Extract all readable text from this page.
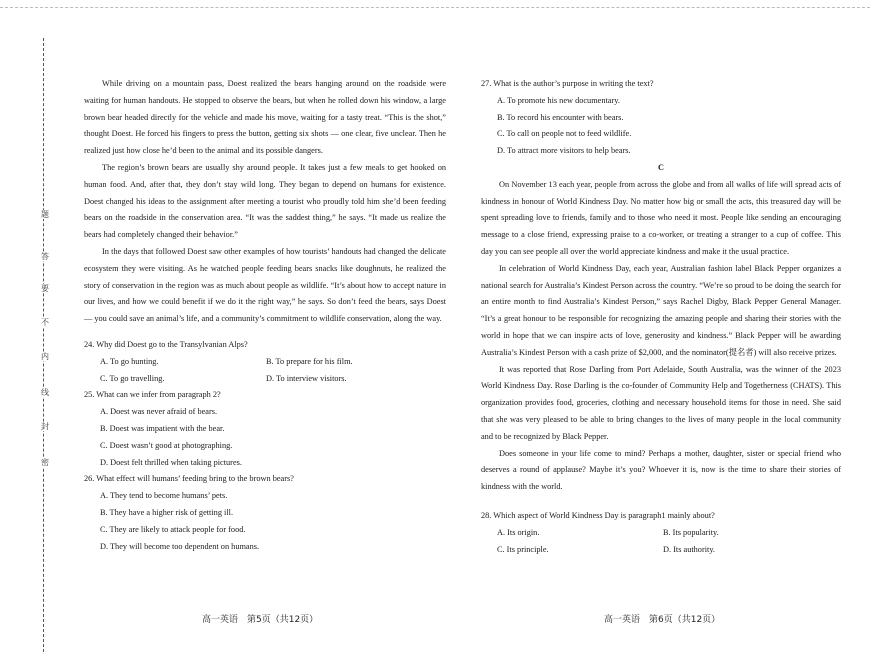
题
答
要
不
内
线
封
密

While driving on a mountain pass, Doest realized the bears hanging around on the roadside were waiting for human handouts. He stopped to observe the bears, but when he rolled down his window, a large brown bear headed directly for the vehicle and made his move, waiting for a tasty treat. “This is the shot,” thought Doest. He forced his fingers to press the button, getting six shots — one clear, five unclear. Then he realized just how close he’d been to the animal and its possible dangers.

The region’s brown bears are usually shy around people. It takes just a few meals to get hooked on human food. And, after that, they don’t stay wild long. They began to depend on humans for existence. Doest changed his ideas to the assignment after meeting a tourist who proudly told him she’d been feeding bears on the roadside in the conservation area. “It was the saddest thing,” he says. “It made us realize the bears had completely changed their behavior.”

In the days that followed Doest saw other examples of how tourists’ handouts had changed the delicate ecosystem they were visiting. As he watched people feeding bears snacks like doughnuts, he realized the story of conservation in the region was as much about people as wildlife. “It’s about how to accept nature in our lives, and how we could benefit if we do it the right way,” he says. So don’t feed the bears, says Doest — you could save an animal’s life, and a community’s commitment to wildlife conservation, along the way.

24. Why did Doest go to the Transylvanian Alps?

A. To go hunting.	B. To prepare for his film.
C. To go travelling.	D. To interview visitors.

25. What can we infer from paragraph 2?

A. Doest was never afraid of bears.

B. Doest was impatient with the bear.

C. Doest wasn’t good at photographing.

D. Doest felt thrilled when taking pictures.

26. What effect will humans’ feeding bring to the brown bears?

A. They tend to become humans’ pets.

B. They have a higher risk of getting ill.

C. They are likely to attack people for food.

D. They will become too dependent on humans.

27. What is the author’s purpose in writing the text?

A. To promote his new documentary.

B. To record his encounter with bears.

C. To call on people not to feed wildlife.

D. To attract more visitors to help bears.

C

On November 13 each year, people from across the globe and from all walks of life will spread acts of kindness in honour of World Kindness Day. No matter how big or small the acts, this treasured day will be spent spreading love to friends, family and to those who need it most. People like sending an encouraging message to a close friend, expressing praise to a co-worker, or treating a stranger to a cup of coffee. This day you can see people all over the world appreciate kindness and make it the usual practice.

In celebration of World Kindness Day, each year, Australian fashion label Black Pepper organizes a national search for Australia’s Kindest Person across the country. “We’re so proud to be doing the search for an entire month to find Australia’s Kindest Person,” says Rachel Digby, Black Pepper General Manager. “It’s a great honour to be responsible for recognizing the amazing people and sharing their stories with the world in hope that we can inspire acts of love, generosity and kindness.” Black Pepper will be awarding Australia’s Kindest Person with a cash prize of $2,000, and the nominator(提名者) will also receive prizes.

It was reported that Rose Darling from Port Adelaide, South Australia, was the winner of the 2023 World Kindness Day. Rose Darling is the co-founder of Community Help and Togetherness (CHATS). This organization provides food, groceries, clothing and necessary household items for those in need. She said that she was very pleased to be able to bring changes to the lives of many people in the local community and to be recognized by Black Pepper.

Does someone in your life come to mind? Perhaps a mother, daughter, sister or special friend who deserves a round of applause? Maybe it’s you? Whoever it is, now is the time to share their stories of kindness with the world.

28. Which aspect of World Kindness Day is paragraph1 mainly about?

A. Its origin.	B. Its popularity.
C. Its principle.	D. Its authority.
高一英语　第5页（共12页）	高一英语　第6页（共12页）
